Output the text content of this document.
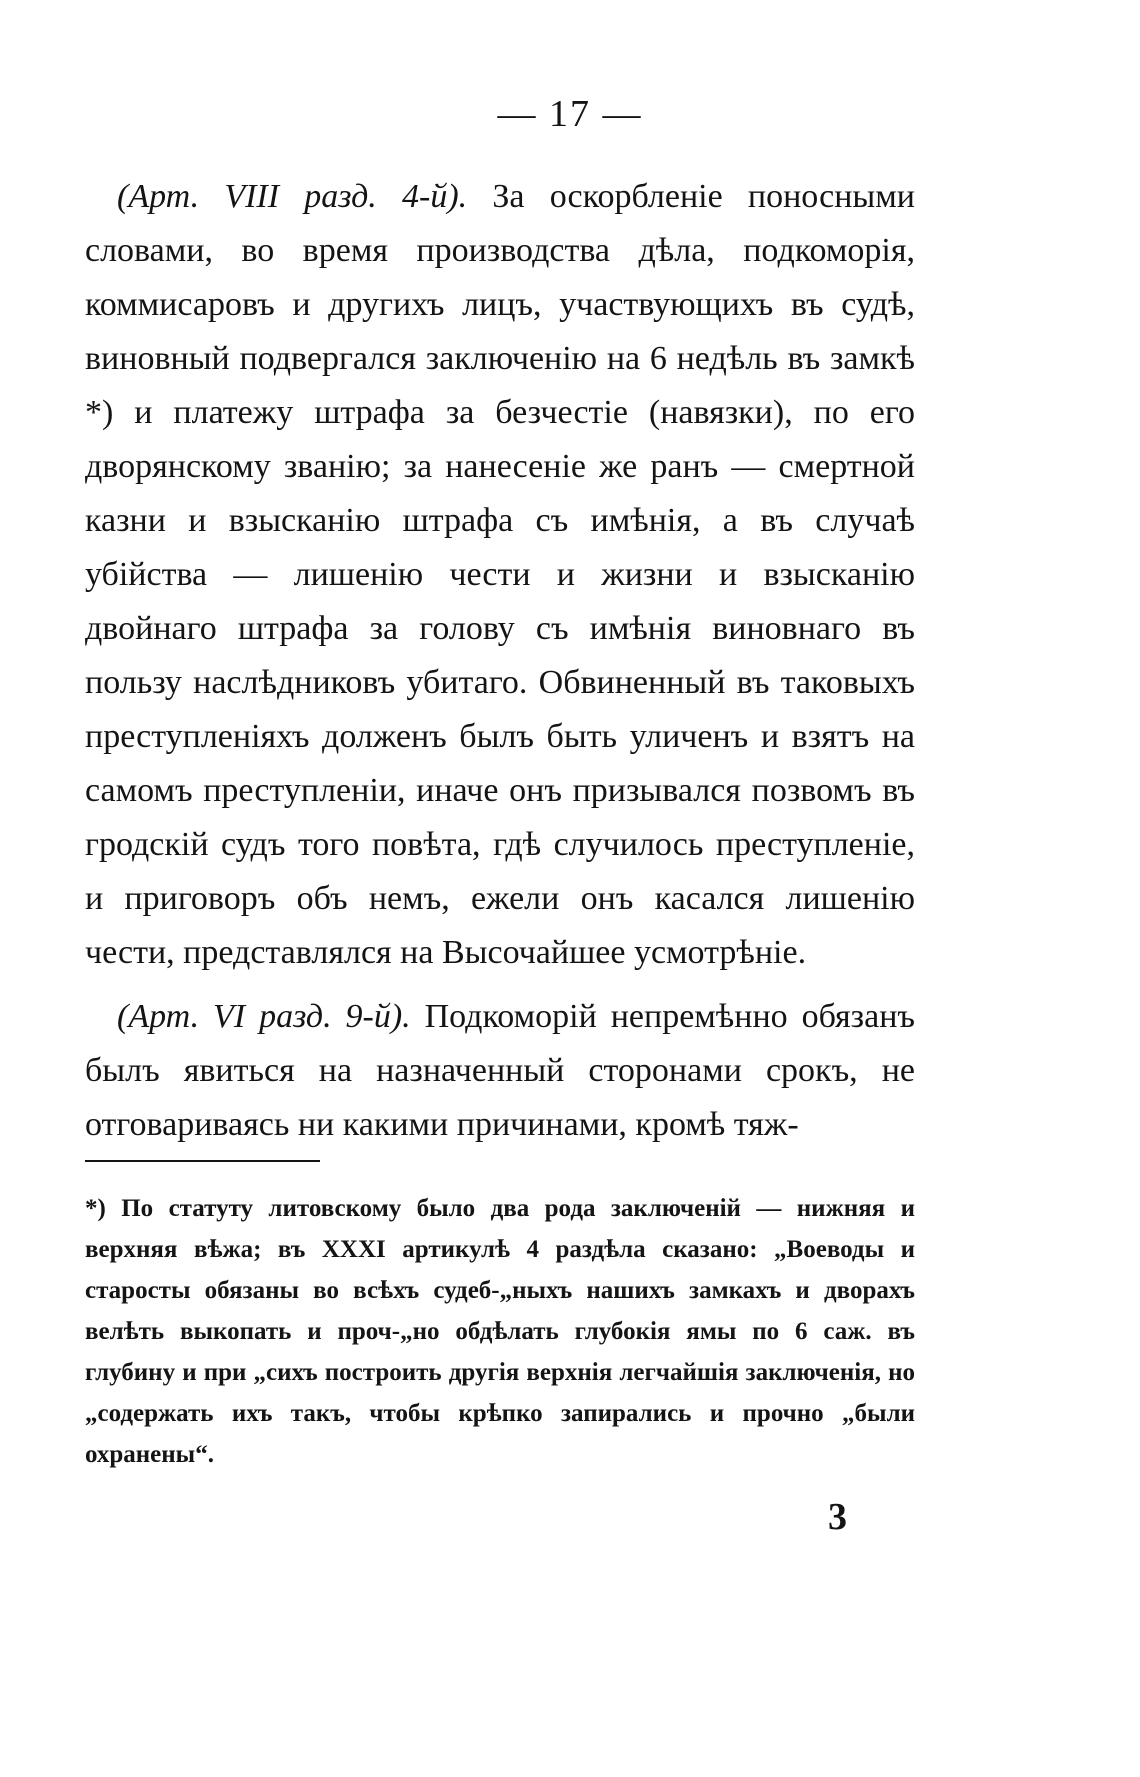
— 17 —
(Арт. VIII разд. 4-й). За оскорбленіе поносными словами, во время производства дѣла, подкоморія, коммисаровъ и другихъ лицъ, участвующихъ въ судѣ, виновный подвергался заключенію на 6 недѣль въ замкѣ *) и платежу штрафа за безчестіе (навязки), по его дворянскому званію; за нанесеніе же ранъ — смертной казни и взысканію штрафа съ имѣнія, а въ случаѣ убійства — лишенію чести и жизни и взысканію двойнаго штрафа за голову съ имѣнія виновнаго въ пользу наслѣдниковъ убитаго. Обвиненный въ таковыхъ преступленіяхъ долженъ былъ быть уличенъ и взятъ на самомъ преступленіи, иначе онъ призывался позвомъ въ гродскій судъ того повѣта, гдѣ случилось преступленіе, и приговоръ объ немъ, ежели онъ касался лишенію чести, представлялся на Высочайшее усмотрѣніе.
(Арт. VI разд. 9-й). Подкоморій непремѣнно обязанъ былъ явиться на назначенный сторонами срокъ, не отговариваясь ни какими причинами, кромѣ тяж-
*) По статуту литовскому было два рода заключеній — нижняя и верхняя вѣжа; въ XXXI артикулѣ 4 раздѣла сказано: „Воеводы и старосты обязаны во всѣхъ судеб-„ныхъ нашихъ замкахъ и дворахъ велѣть выкопать и проч-„но обдѣлать глубокія ямы по 6 саж. въ глубину и при „сихъ построить другія верхнія легчайшія заключенія, но „содержать ихъ такъ, чтобы крѣпко запирались и прочно „были охранены“.
3
